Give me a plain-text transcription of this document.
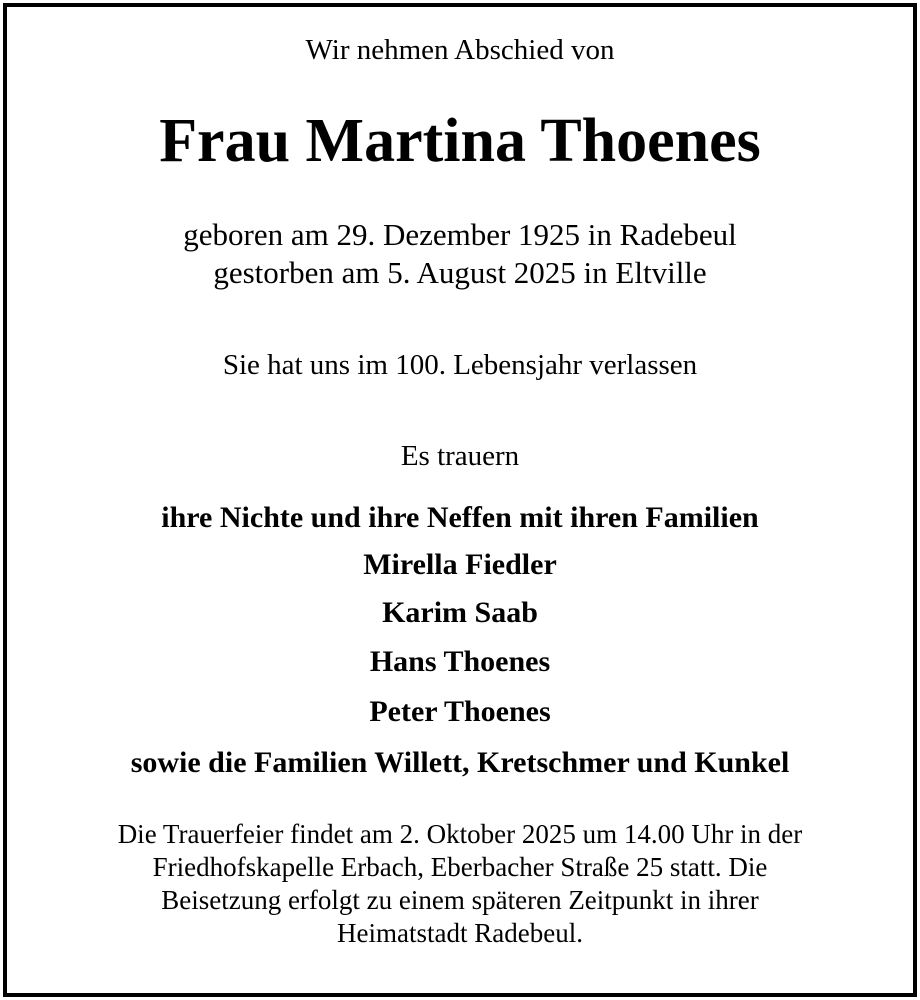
Wir nehmen Abschied von
Frau Martina Thoenes
geboren am 29. Dezember 1925 in Radebeul
gestorben am 5. August 2025 in Eltville
Sie hat uns im 100. Lebensjahr verlassen
Es trauern
ihre Nichte und ihre Neffen mit ihren Familien
Mirella Fiedler
Karim Saab
Hans Thoenes
Peter Thoenes
sowie die Familien Willett, Kretschmer und Kunkel
Die Trauerfeier findet am 2. Oktober 2025 um 14.00 Uhr in der
Friedhofskapelle Erbach, Eberbacher Straße 25 statt. Die
Beisetzung erfolgt zu einem späteren Zeitpunkt in ihrer
Heimatstadt Radebeul.
